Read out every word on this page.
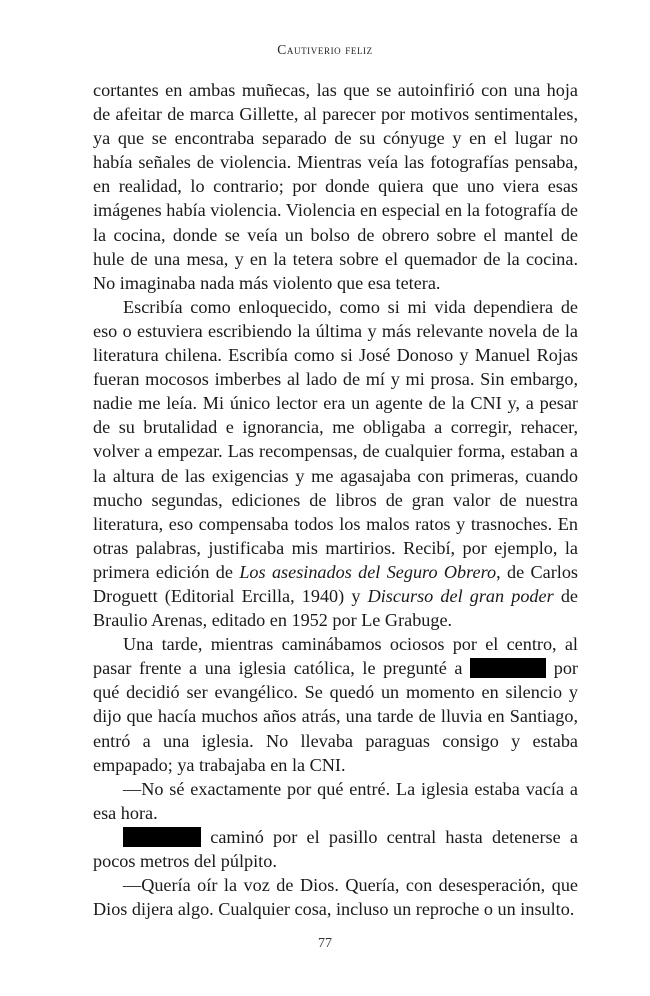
Cautiverio feliz

cortantes en ambas muñecas, las que se autoinfirió con una hoja de afeitar de marca Gillette, al parecer por motivos sentimentales, ya que se encontraba separado de su cónyuge y en el lugar no había señales de violencia. Mientras veía las fotografías pensaba, en realidad, lo contrario; por donde quiera que uno viera esas imágenes había violencia. Violencia en especial en la fotografía de la cocina, donde se veía un bolso de obrero sobre el mantel de hule de una mesa, y en la tetera sobre el quemador de la cocina. No imaginaba nada más violento que esa tetera.

Escribía como enloquecido, como si mi vida dependiera de eso o estuviera escribiendo la última y más relevante novela de la literatura chilena. Escribía como si José Donoso y Manuel Rojas fueran mocosos imberbes al lado de mí y mi prosa. Sin embargo, nadie me leía. Mi único lector era un agente de la CNI y, a pesar de su brutalidad e ignorancia, me obligaba a corregir, rehacer, volver a empezar. Las recompensas, de cualquier forma, estaban a la altura de las exigencias y me agasajaba con primeras, cuando mucho segundas, ediciones de libros de gran valor de nuestra literatura, eso compensaba todos los malos ratos y trasnoches. En otras palabras, justificaba mis martirios. Recibí, por ejemplo, la primera edición de Los asesinados del Seguro Obrero, de Carlos Droguett (Editorial Ercilla, 1940) y Discurso del gran poder de Braulio Arenas, editado en 1952 por Le Grabuge.

Una tarde, mientras caminábamos ociosos por el centro, al pasar frente a una iglesia católica, le pregunté a	por qué decidió ser evangélico. Se quedó un momento en silencio y dijo que hacía muchos años atrás, una tarde de lluvia en Santiago, entró a una iglesia. No llevaba paraguas consigo y estaba empapado; ya trabajaba en la CNI.

—No sé exactamente por qué entré. La iglesia estaba vacía a esa hora.

caminó por el pasillo central hasta detenerse a pocos metros del púlpito.

—Quería oír la voz de Dios. Quería, con desesperación, que Dios dijera algo. Cualquier cosa, incluso un reproche o un insulto.

77
